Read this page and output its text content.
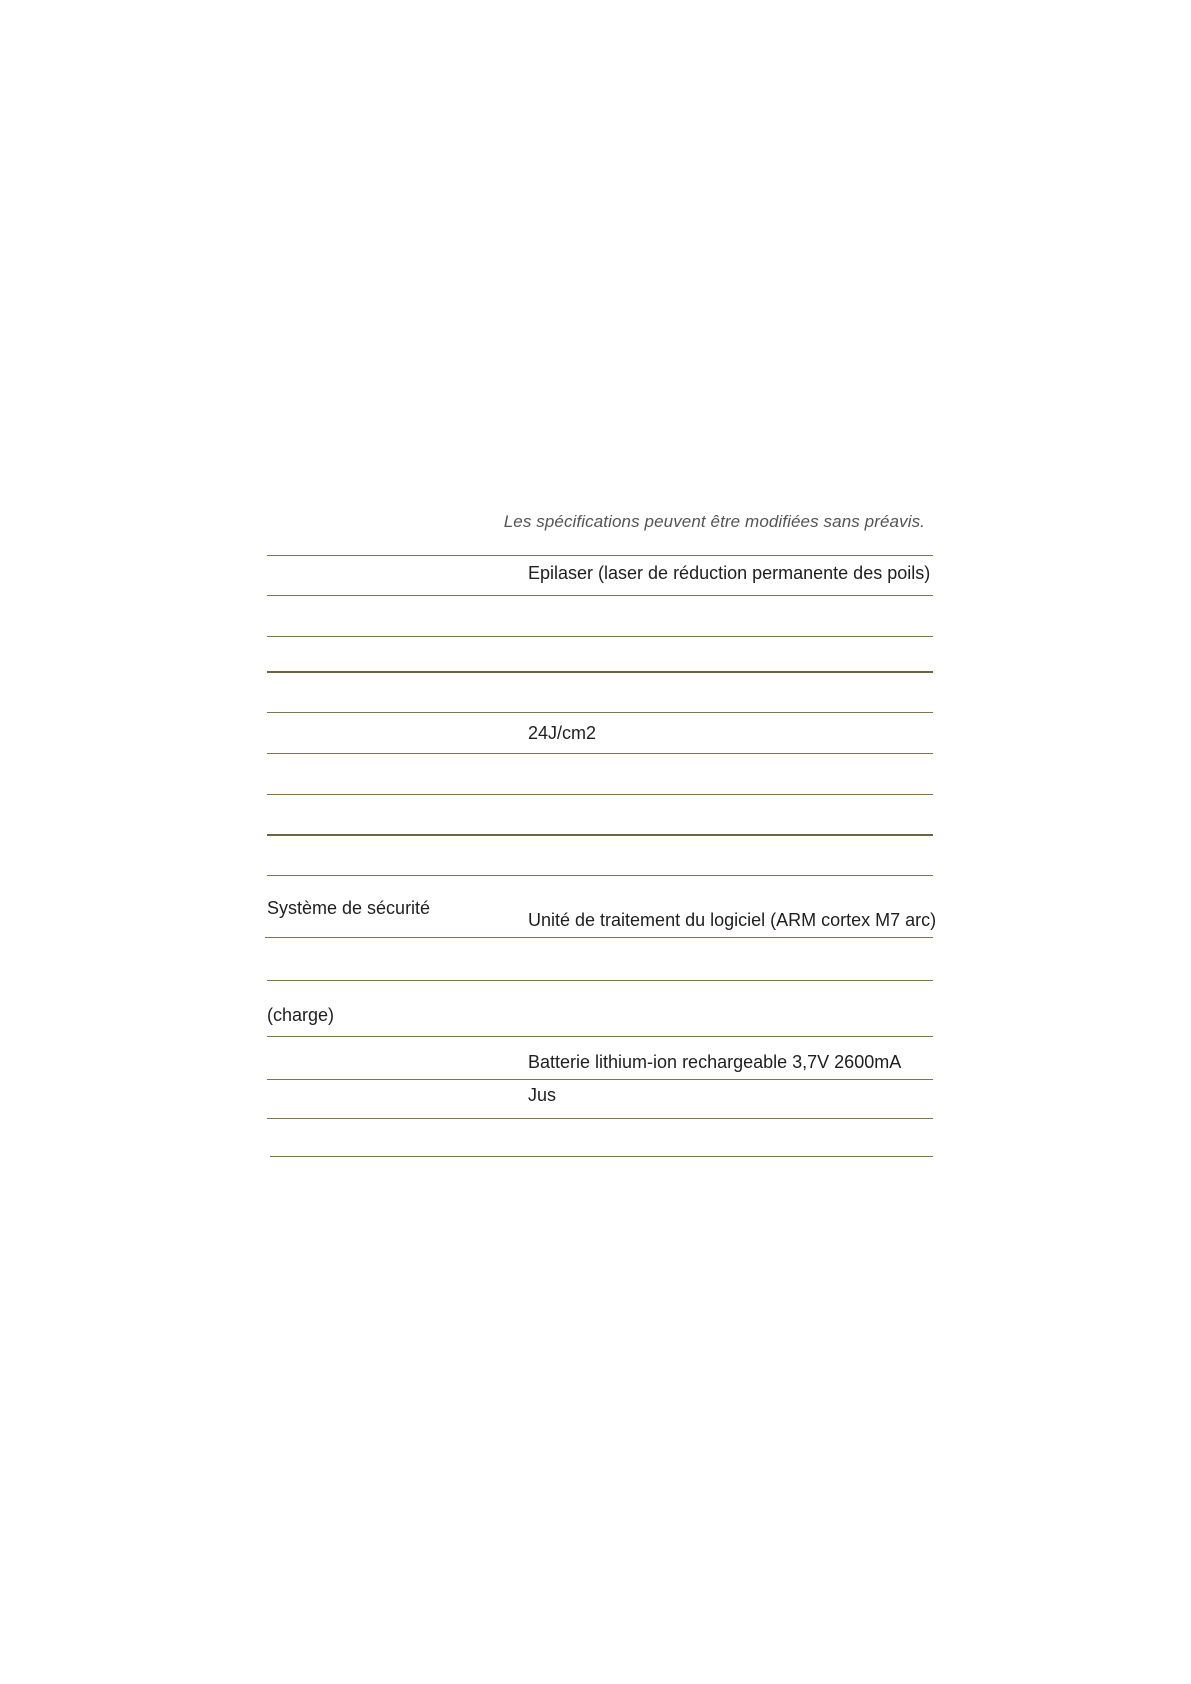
Les spécifications peuvent être modifiées sans préavis.
Epilaser (laser de réduction permanente des poils)
24J/cm2
Système de sécurité
Unité de traitement du logiciel (ARM cortex M7 arc)
(charge)
Batterie lithium-ion rechargeable 3,7V 2600mA
Jus
